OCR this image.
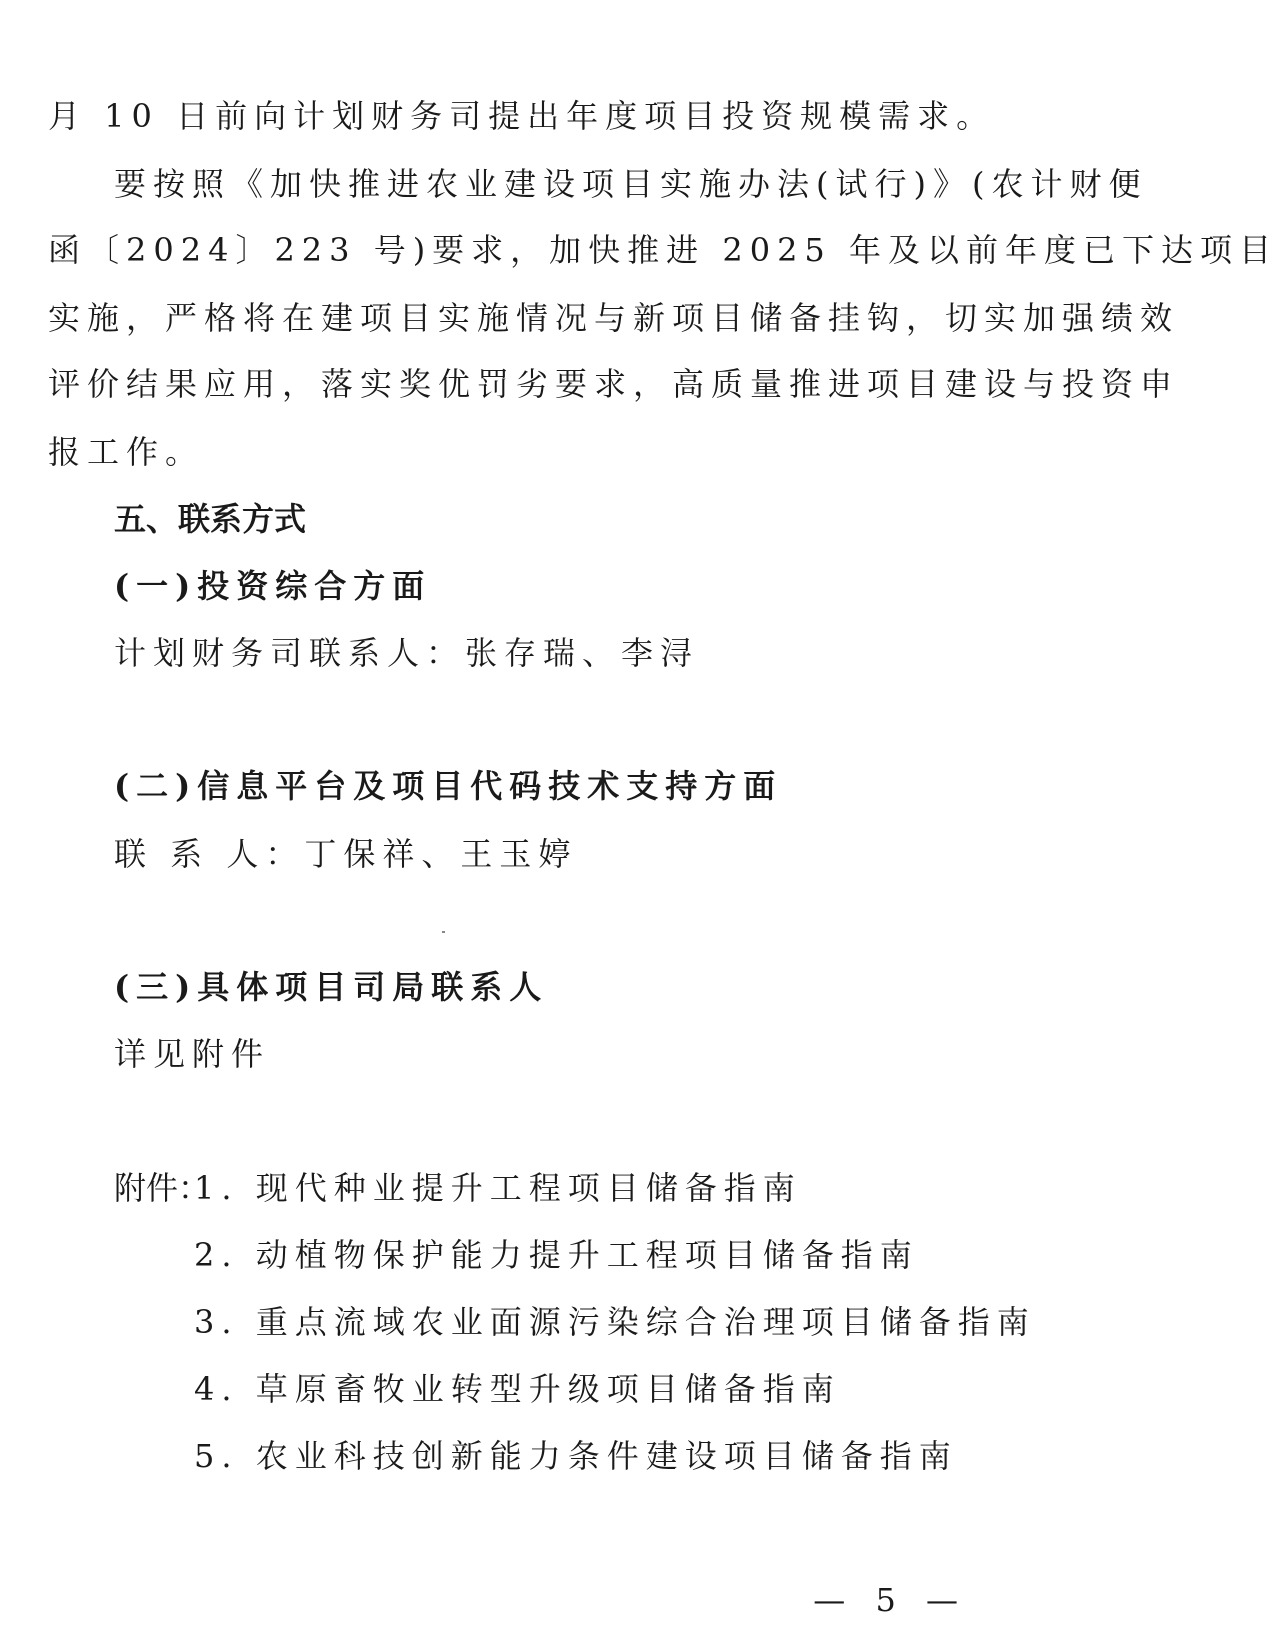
月 10 日前向计划财务司提出年度项目投资规模需求。
要按照《加快推进农业建设项目实施办法(试行)》(农计财便
函〔2024〕223 号)要求，加快推进 2025 年及以前年度已下达项目
实施，严格将在建项目实施情况与新项目储备挂钩，切实加强绩效
评价结果应用，落实奖优罚劣要求，高质量推进项目建设与投资申
报工作。
五、联系方式
(一)投资综合方面
计划财务司联系人：张存瑞、李浔
(二)信息平台及项目代码技术支持方面
联 系 人：丁保祥、王玉婷
(三)具体项目司局联系人
详见附件
附件：
1. 现代种业提升工程项目储备指南
2. 动植物保护能力提升工程项目储备指南
3. 重点流域农业面源污染综合治理项目储备指南
4. 草原畜牧业转型升级项目储备指南
5. 农业科技创新能力条件建设项目储备指南
— 5 —
